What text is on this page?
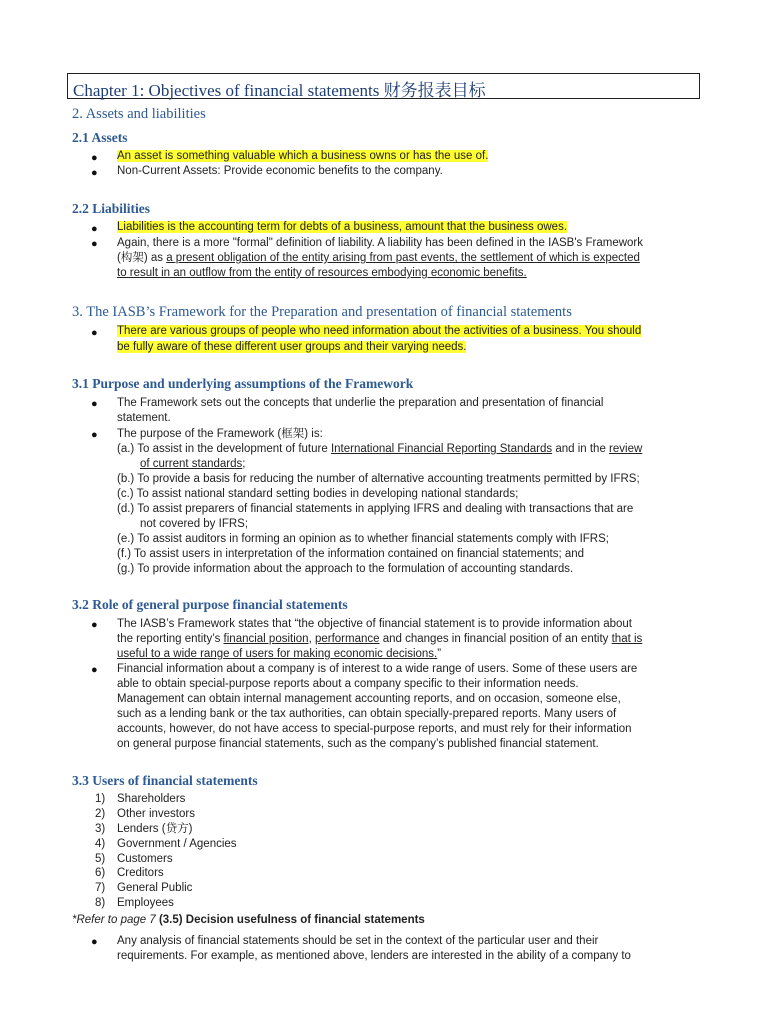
Chapter 1: Objectives of financial statements 财务报表目标
2. Assets and liabilities
2.1 Assets
● An asset is something valuable which a business owns or has the use of.
● Non-Current Assets: Provide economic benefits to the company.
2.2 Liabilities
● Liabilities is the accounting term for debts of a business, amount that the business owes.
● Again, there is a more "formal" definition of liability. A liability has been defined in the IASB's Framework
(构架) as a present obligation of the entity arising from past events, the settlement of which is expected
to result in an outflow from the entity of resources embodying economic benefits.
3. The IASB’s Framework for the Preparation and presentation of financial statements
● There are various groups of people who need information about the activities of a business. You should
be fully aware of these different user groups and their varying needs.
3.1 Purpose and underlying assumptions of the Framework
● The Framework sets out the concepts that underlie the preparation and presentation of financial
statement.
● The purpose of the Framework (框架) is:
(a.) To assist in the development of future International Financial Reporting Standards and in the review
of current standards;
(b.) To provide a basis for reducing the number of alternative accounting treatments permitted by IFRS;
(c.) To assist national standard setting bodies in developing national standards;
(d.) To assist preparers of financial statements in applying IFRS and dealing with transactions that are
not covered by IFRS;
(e.) To assist auditors in forming an opinion as to whether financial statements comply with IFRS;
(f.) To assist users in interpretation of the information contained on financial statements; and
(g.) To provide information about the approach to the formulation of accounting standards.
3.2 Role of general purpose financial statements
● The IASB’s Framework states that “the objective of financial statement is to provide information about
the reporting entity’s financial position, performance and changes in financial position of an entity that is
useful to a wide range of users for making economic decisions.”
● Financial information about a company is of interest to a wide range of users. Some of these users are
able to obtain special-purpose reports about a company specific to their information needs.
Management can obtain internal management accounting reports, and on occasion, someone else,
such as a lending bank or the tax authorities, can obtain specially-prepared reports. Many users of
accounts, however, do not have access to special-purpose reports, and must rely for their information
on general purpose financial statements, such as the company’s published financial statement.
3.3 Users of financial statements
1) Shareholders
2) Other investors
3) Lenders (贷方)
4) Government / Agencies
5) Customers
6) Creditors
7) General Public
8) Employees
*Refer to page 7 (3.5) Decision usefulness of financial statements
● Any analysis of financial statements should be set in the context of the particular user and their
requirements. For example, as mentioned above, lenders are interested in the ability of a company to
